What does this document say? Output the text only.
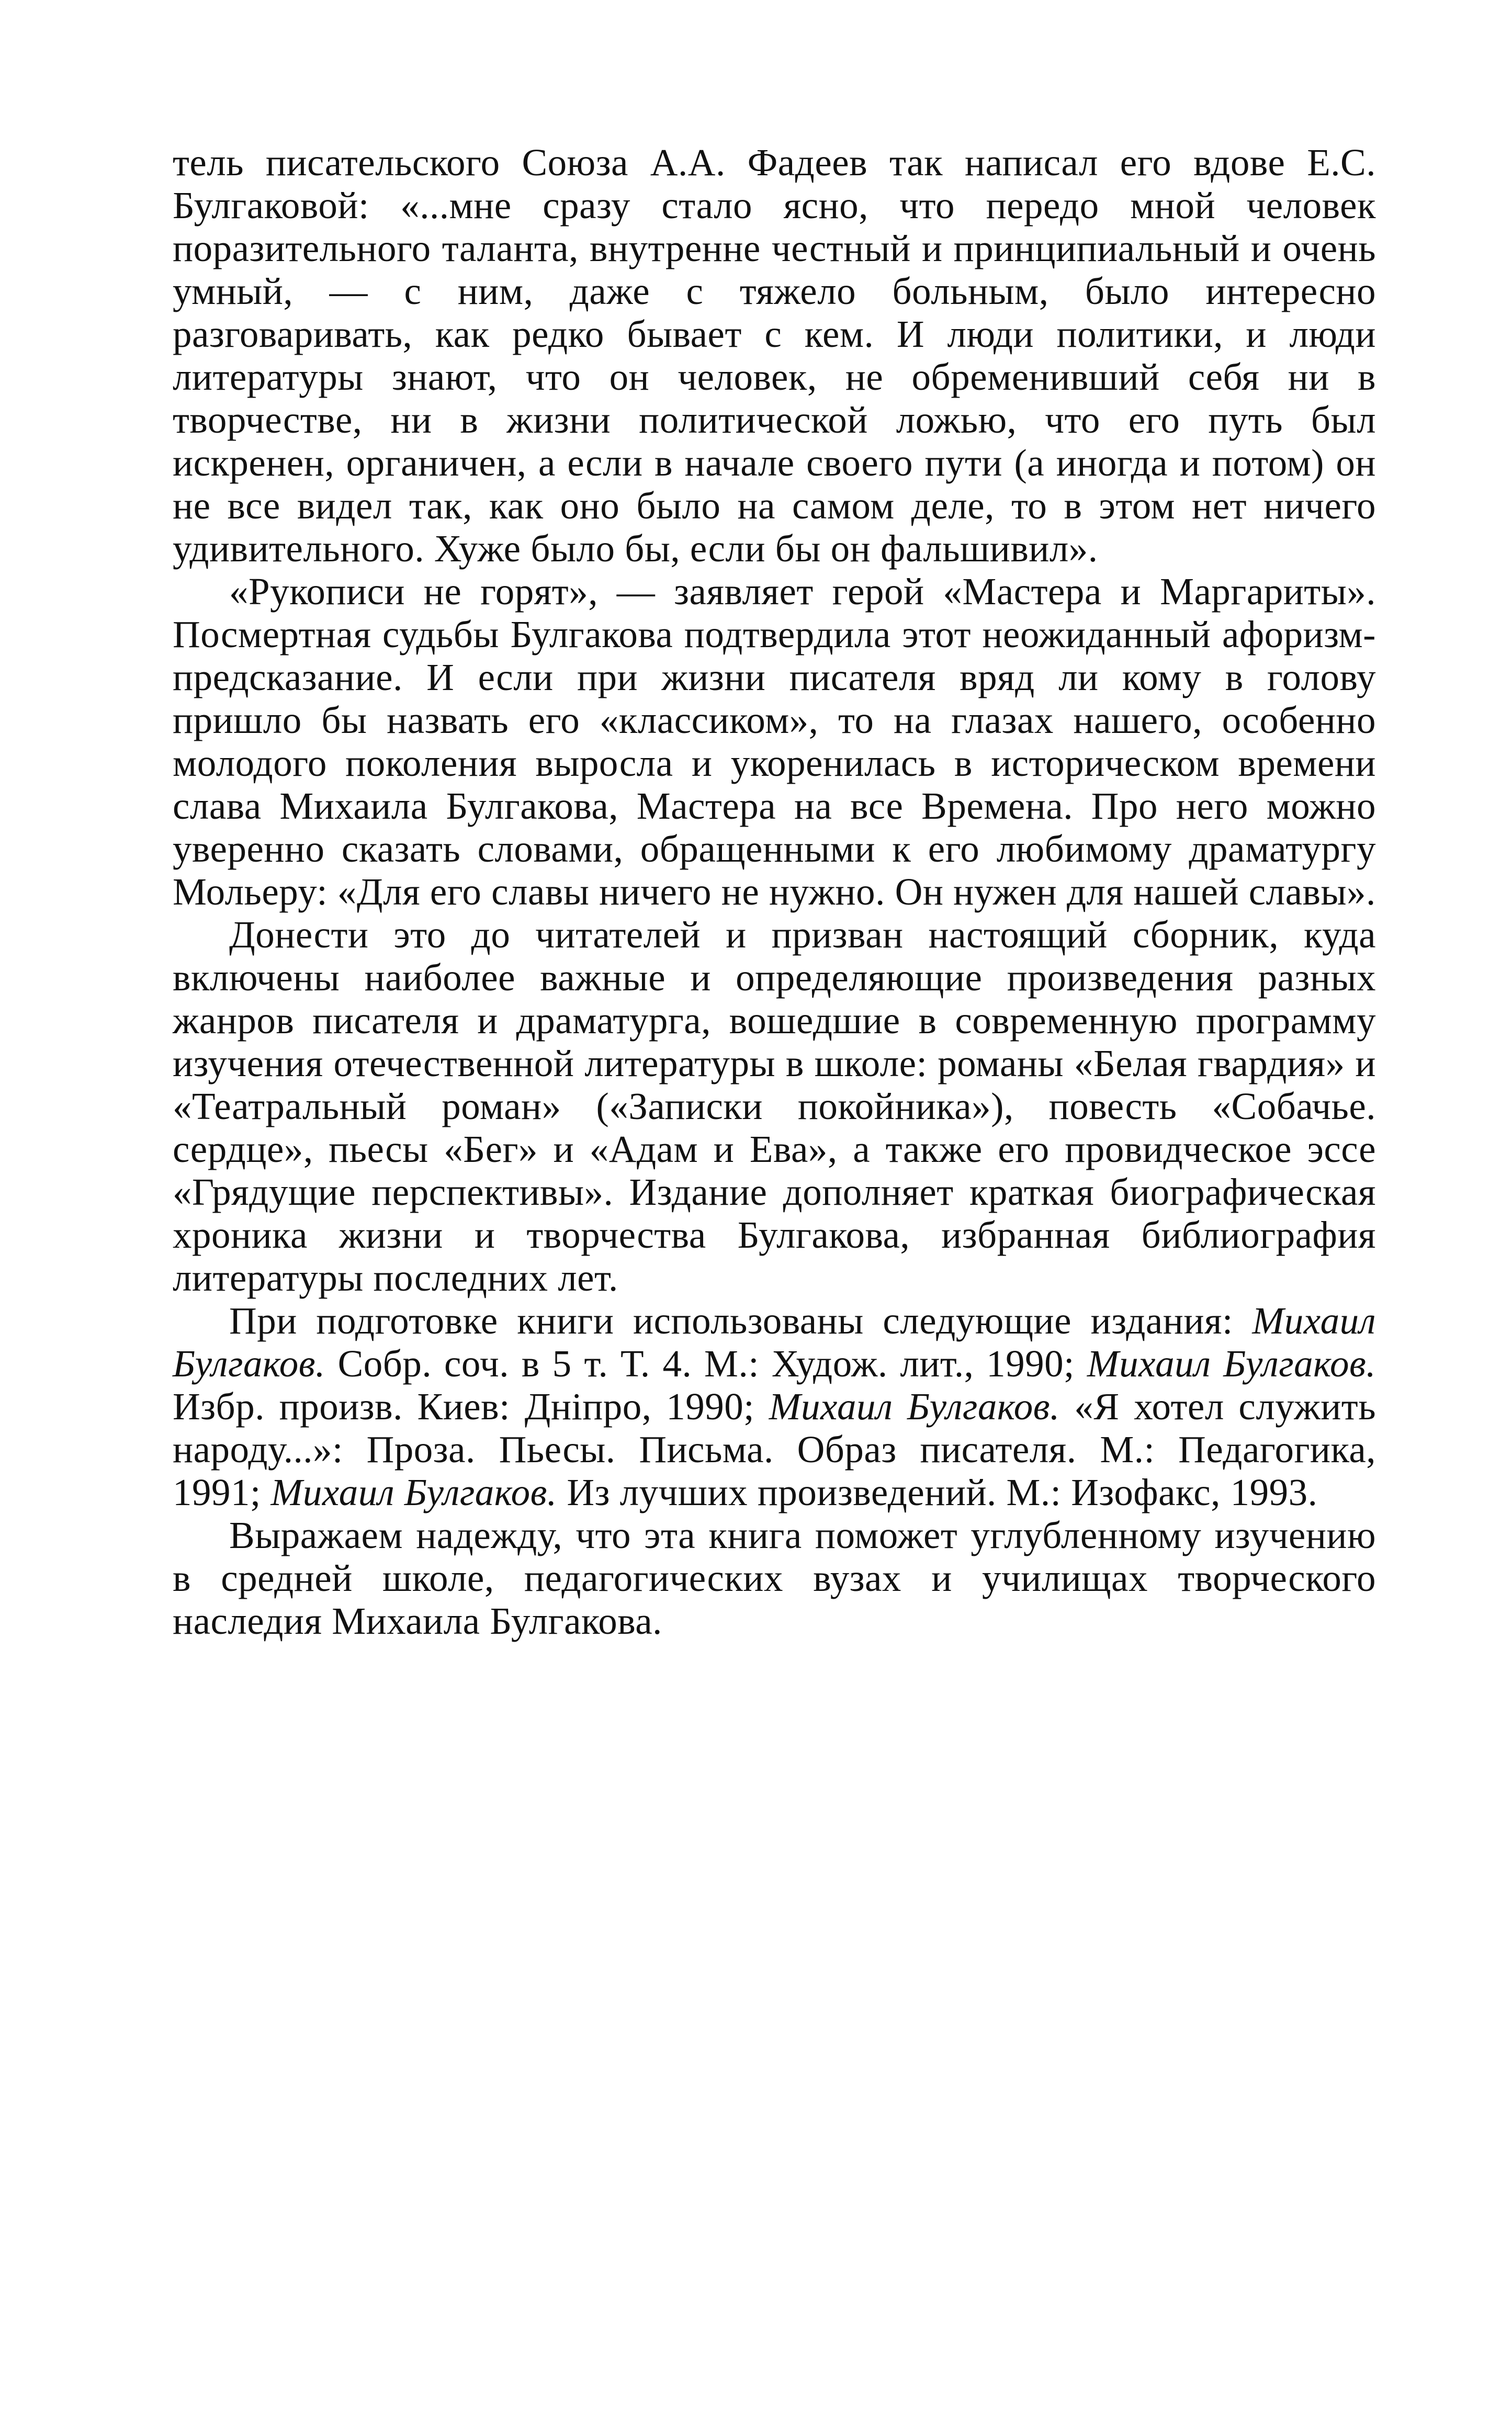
тель писательского Союза А.А. Фадеев так написал его вдове Е.С. Булгаковой: «...мне сразу стало ясно, что передо мной человек поразительного таланта, внутренне честный и принципиальный и очень умный, — с ним, даже с тяжело больным, было интересно разговаривать, как редко бывает с кем. И люди политики, и люди литературы знают, что он человек, не обременивший себя ни в творчестве, ни в жизни политической ложью, что его путь был искренен, органичен, а если в начале своего пути (а иногда и потом) он не все видел так, как оно было на самом деле, то в этом нет ничего удивительного. Хуже было бы, если бы он фальшивил».

«Рукописи не горят», — заявляет герой «Мастера и Маргариты». Посмертная судьбы Булгакова подтвердила этот неожиданный афоризм-предсказание. И если при жизни писателя вряд ли кому в голову пришло бы назвать его «классиком», то на глазах нашего, особенно молодого поколения выросла и укоренилась в историческом времени слава Михаила Булгакова, Мастера на все Времена. Про него можно уверенно сказать словами, обращенными к его любимому драматургу Мольеру: «Для его славы ничего не нужно. Он нужен для нашей славы».

Донести это до читателей и призван настоящий сборник, куда включены наиболее важные и определяющие произведения разных жанров писателя и драматурга, вошедшие в современную программу изучения отечественной литературы в школе: романы «Белая гвардия» и «Театральный роман» («Записки покойника»), повесть «Собачье. сердце», пьесы «Бег» и «Адам и Ева», а также его провидческое эссе «Грядущие перспективы». Издание дополняет краткая биографическая хроника жизни и творчества Булгакова, избранная библиография литературы последних лет.

При подготовке книги использованы следующие издания: Михаил Булгаков. Собр. соч. в 5 т. Т. 4. М.: Худож. лит., 1990; Михаил Булгаков. Избр. произв. Киев: Днiпро, 1990; Михаил Булгаков. «Я хотел служить народу...»: Проза. Пьесы. Письма. Образ писателя. М.: Педагогика, 1991; Михаил Булгаков. Из лучших произведений. М.: Изофакс, 1993.

Выражаем надежду, что эта книга поможет углубленному изучению в средней школе, педагогических вузах и училищах творческого наследия Михаила Булгакова.
